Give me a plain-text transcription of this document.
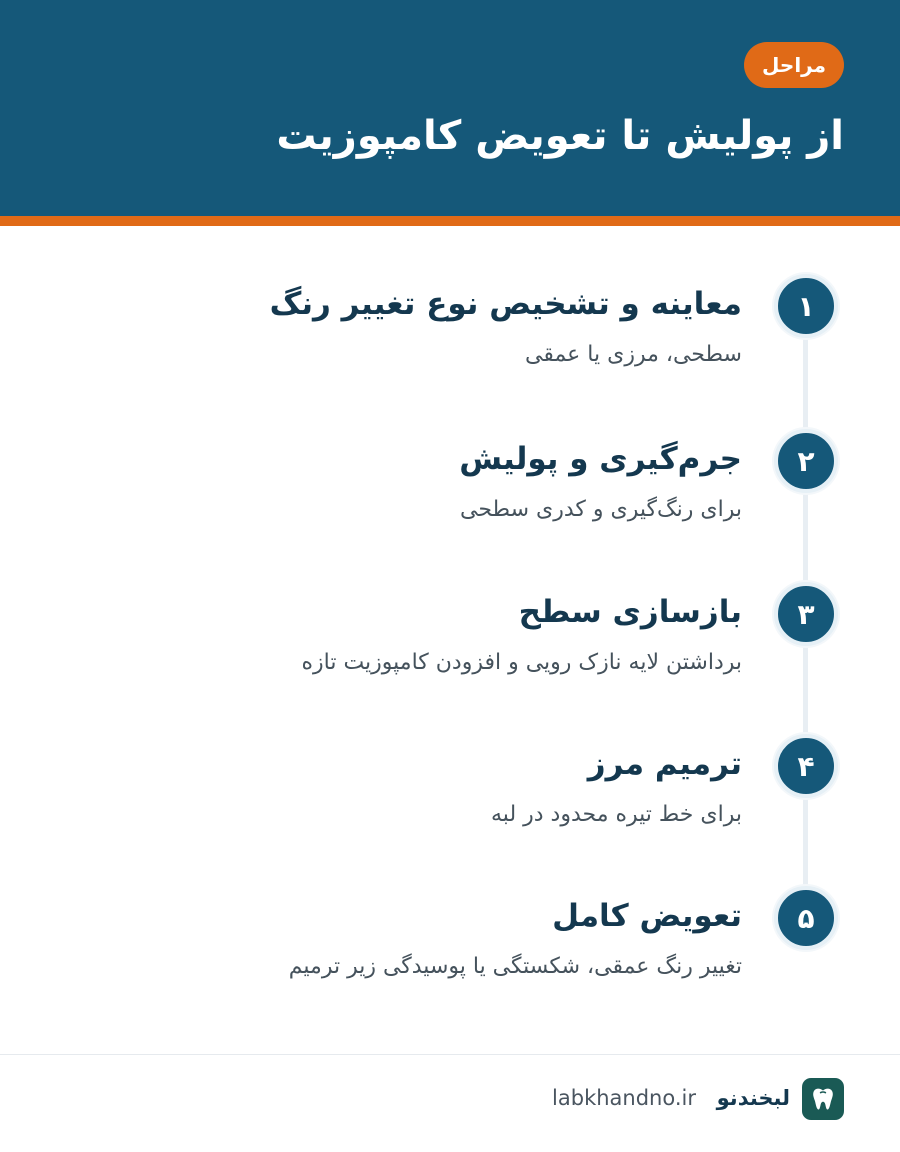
مراحل
از پولیش تا تعویض کامپوزیت
۱
معاینه و تشخیص نوع تغییر رنگ
سطحی، مرزی یا عمقی
۲
جرم‌گیری و پولیش
برای رنگ‌گیری و کدری سطحی
۳
بازسازی سطح
برداشتن لایه نازک رویی و افزودن کامپوزیت تازه
۴
ترمیم مرز
برای خط تیره محدود در لبه
۵
تعویض کامل
تغییر رنگ عمقی، شکستگی یا پوسیدگی زیر ترمیم
لبخندنو
labkhandno.ir
